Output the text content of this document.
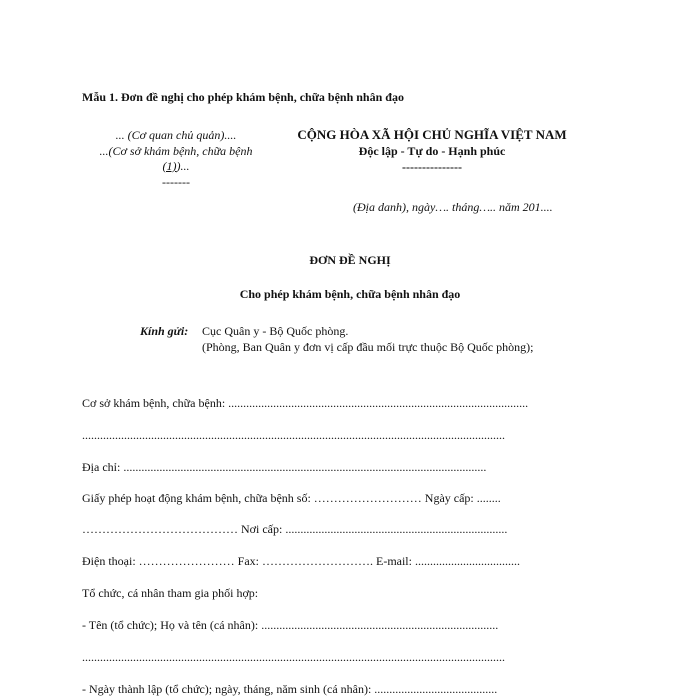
Mẫu 1. Đơn đề nghị cho phép khám bệnh, chữa bệnh nhân đạo
... (Cơ quan chủ quản)....
...(Cơ sở khám bệnh, chữa bệnh
(1))...
-------
CỘNG HÒA XÃ HỘI CHỦ NGHĨA VIỆT NAM
Độc lập - Tự do - Hạnh phúc
---------------
(Địa danh), ngày…. tháng….. năm 201....
ĐƠN ĐỀ NGHỊ
Cho phép khám bệnh, chữa bệnh nhân đạo
Kính gửi: Cục Quân y - Bộ Quốc phòng.
(Phòng, Ban Quân y đơn vị cấp đầu mối trực thuộc Bộ Quốc phòng);
Cơ sở khám bệnh, chữa bệnh: ....................................................................................................
.............................................................................................................................................
Địa chỉ: .........................................................................................................................
Giấy phép hoạt động khám bệnh, chữa bệnh số: ……………………… Ngày cấp: ........
………………………………… Nơi cấp: ..........................................................................
Điện thoại: …………………… Fax: ………………………. E-mail: ...................................
Tổ chức, cá nhân tham gia phối hợp:
- Tên (tổ chức); Họ và tên (cá nhân): ...............................................................................
.............................................................................................................................................
- Ngày thành lập (tổ chức); ngày, tháng, năm sinh (cá nhân): .........................................
